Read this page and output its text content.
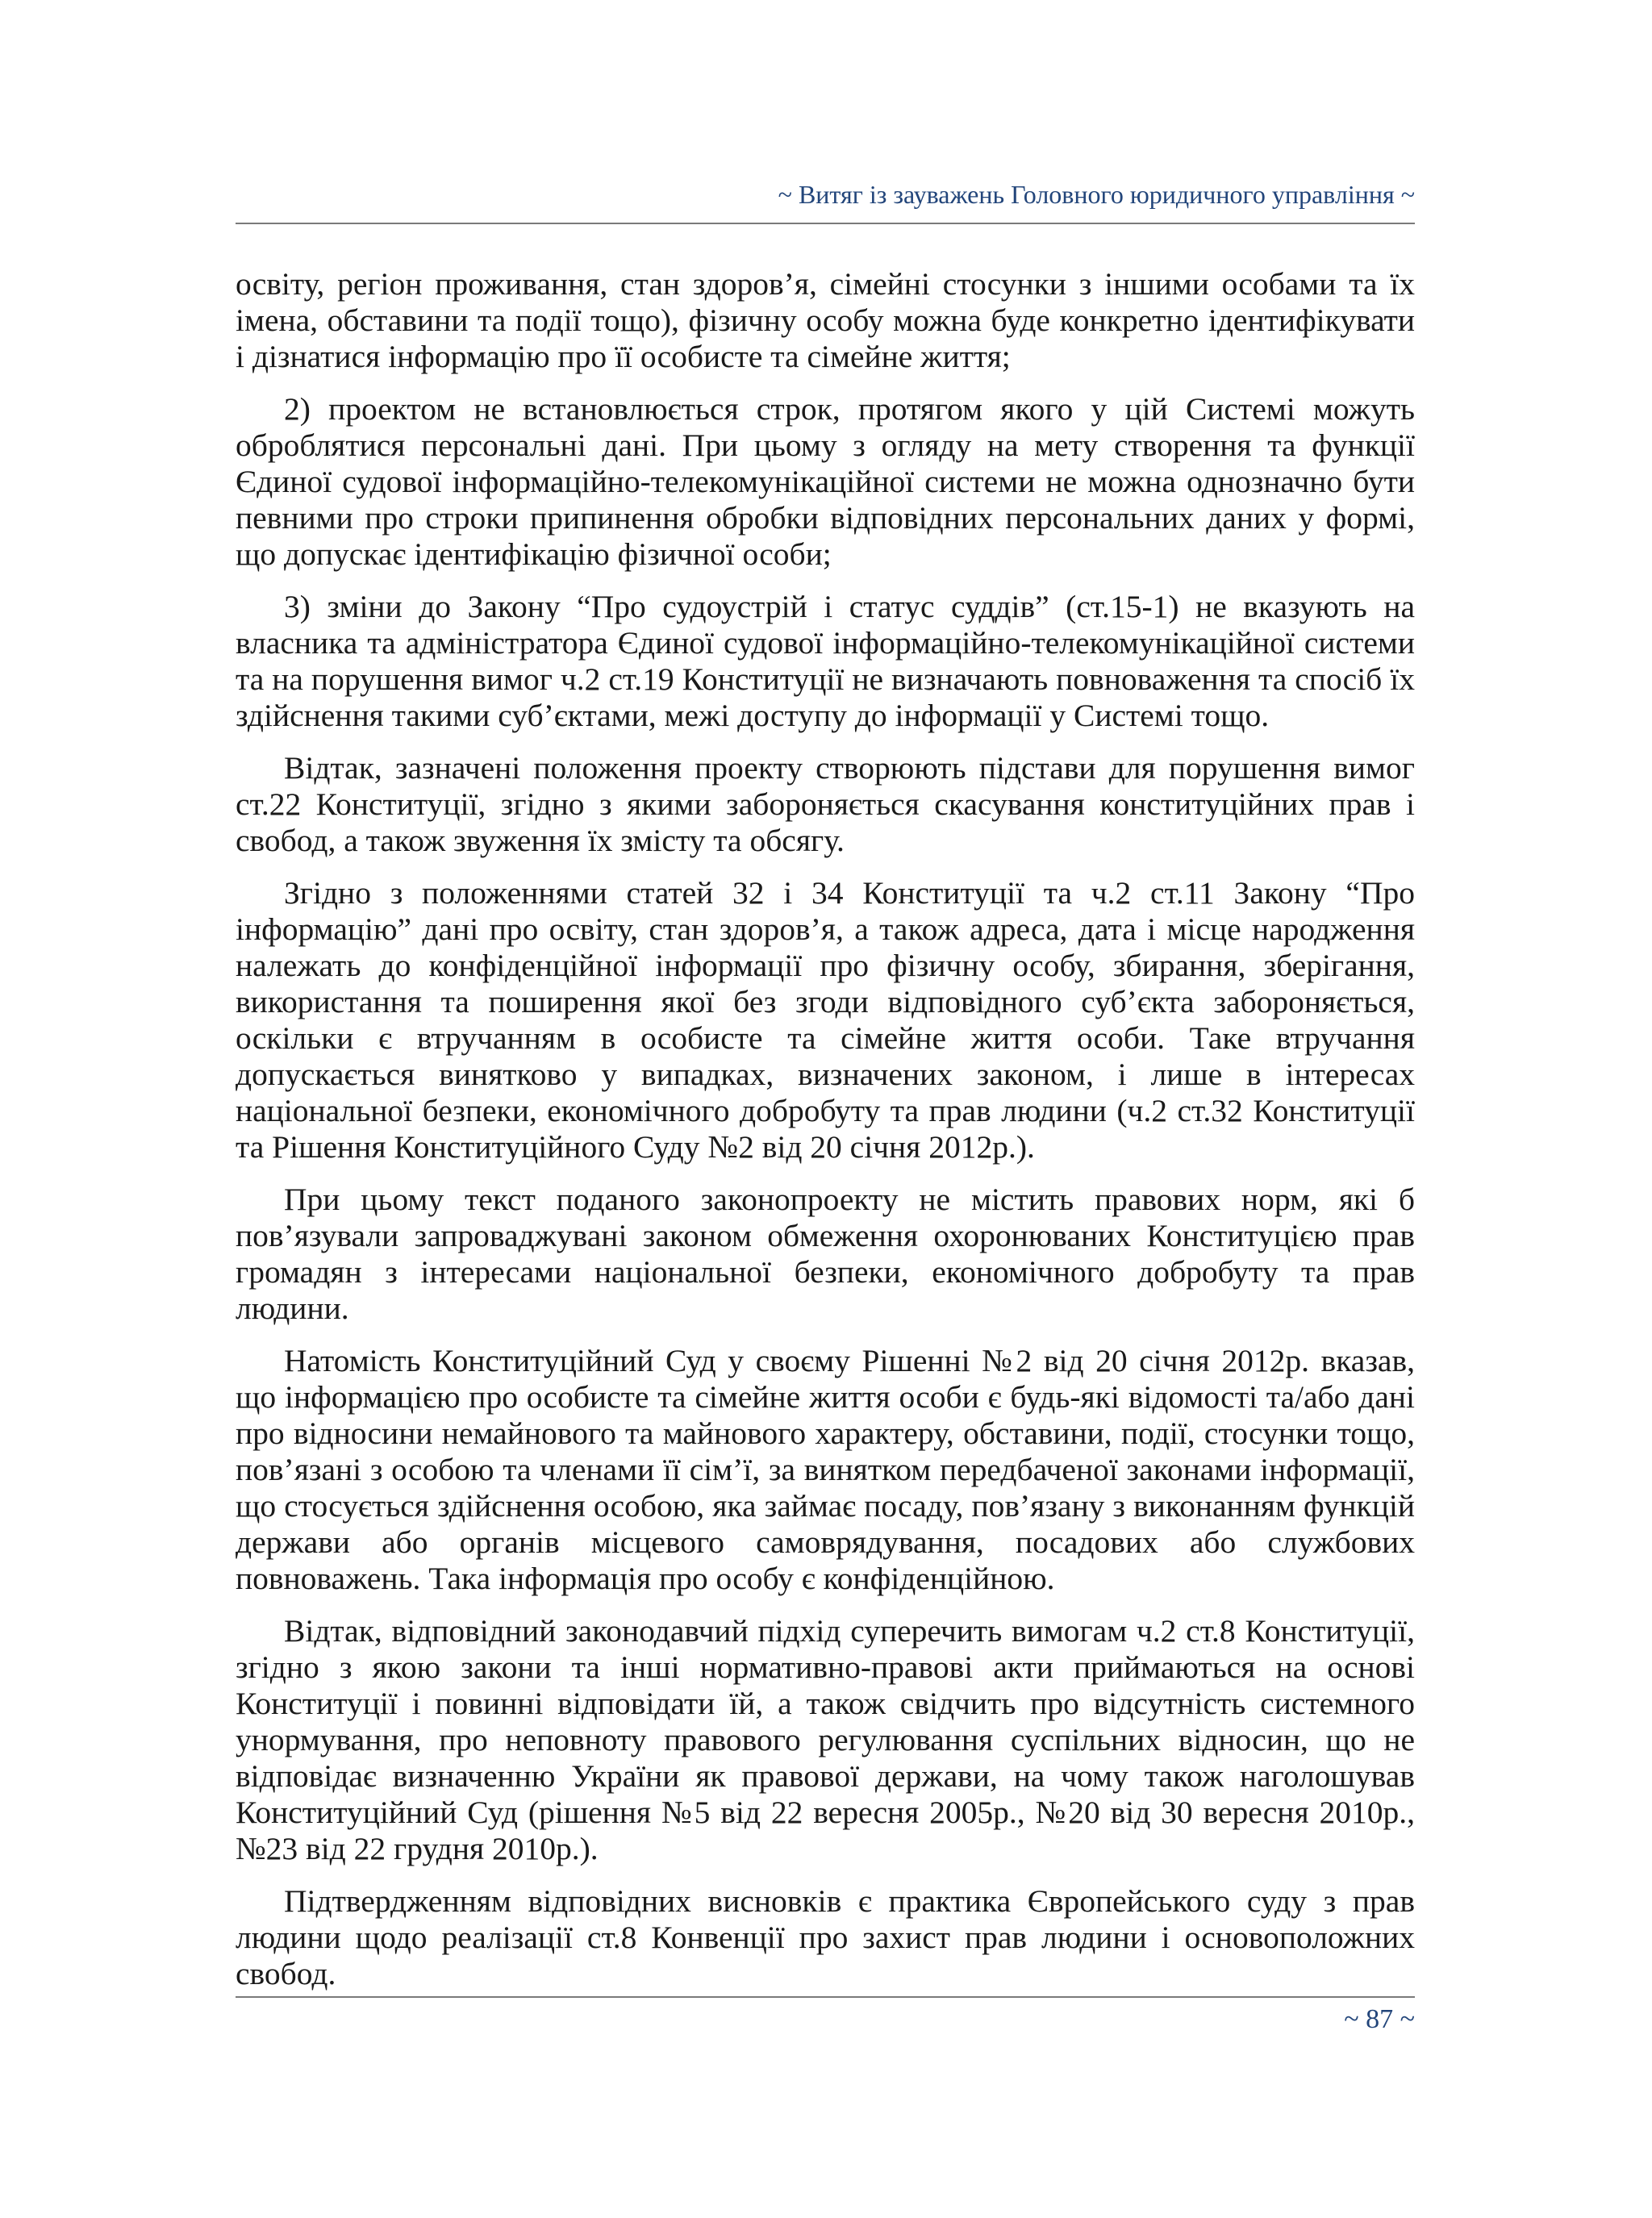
~ Витяг із зауважень Головного юридичного управління ~

освіту, регіон проживання, стан здоров’я, сімейні стосунки з іншими особами та їх імена, обставини та події тощо), фізичну особу можна буде конкретно ідентифікувати і дізнатися інформацію про її особисте та сімейне життя;

2) проектом не встановлюється строк, протягом якого у цій Системі можуть оброблятися персональні дані. При цьому з огляду на мету створення та функції Єдиної судової інформаційно-телекомунікаційної системи не можна однозначно бути певними про строки припинення обробки відповідних персональних даних у формі, що допускає ідентифікацію фізичної особи;

3) зміни до Закону “Про судоустрій і статус суддів” (ст.15-1) не вказують на власника та адміністратора Єдиної судової інформаційно-телекомунікаційної системи та на порушення вимог ч.2 ст.19 Конституції не визначають повноваження та спосіб їх здійснення такими суб’єктами, межі доступу до інформації у Системі тощо.

Відтак, зазначені положення проекту створюють підстави для порушення вимог ст.22 Конституції, згідно з якими забороняється скасування конституційних прав і свобод, а також звуження їх змісту та обсягу.

Згідно з положеннями статей 32 і 34 Конституції та ч.2 ст.11 Закону “Про інформацію” дані про освіту, стан здоров’я, а також адреса, дата і місце народження належать до конфіденційної інформації про фізичну особу, збирання, зберігання, використання та поширення якої без згоди відповідного суб’єкта забороняється, оскільки є втручанням в особисте та сімейне життя особи. Таке втручання допускається винятково у випадках, визначених законом, і лише в інтересах національної безпеки, економічного добробуту та прав людини (ч.2 ст.32 Конституції та Рішення Конституційного Суду №2 від 20 січня 2012р.).

При цьому текст поданого законопроекту не містить правових норм, які б пов’язували запроваджувані законом обмеження охоронюваних Конституцією прав громадян з інтересами національної безпеки, економічного добробуту та прав людини.

Натомість Конституційний Суд у своєму Рішенні №2 від 20 січня 2012р. вказав, що інформацією про особисте та сімейне життя особи є будь-які відомості та/або дані про відносини немайнового та майнового характеру, обставини, події, стосунки тощо, пов’язані з особою та членами її сім’ї, за винятком передбаченої законами інформації, що стосується здійснення особою, яка займає посаду, пов’язану з виконанням функцій держави або органів місцевого самоврядування, посадових або службових повноважень. Така інформація про особу є конфіденційною.

Відтак, відповідний законодавчий підхід суперечить вимогам ч.2 ст.8 Конституції, згідно з якою закони та інші нормативно-правові акти приймаються на основі Конституції і повинні відповідати їй, а також свідчить про відсутність системного унормування, про неповноту правового регулювання суспільних відносин, що не відповідає визначенню України як правової держави, на чому також наголошував Конституційний Суд (рішення №5 від 22 вересня 2005р., №20 від 30 вересня 2010р., №23 від 22 грудня 2010р.).

Підтвердженням відповідних висновків є практика Європейського суду з прав людини щодо реалізації ст.8 Конвенції про захист прав людини і основоположних свобод.

~ 87 ~
